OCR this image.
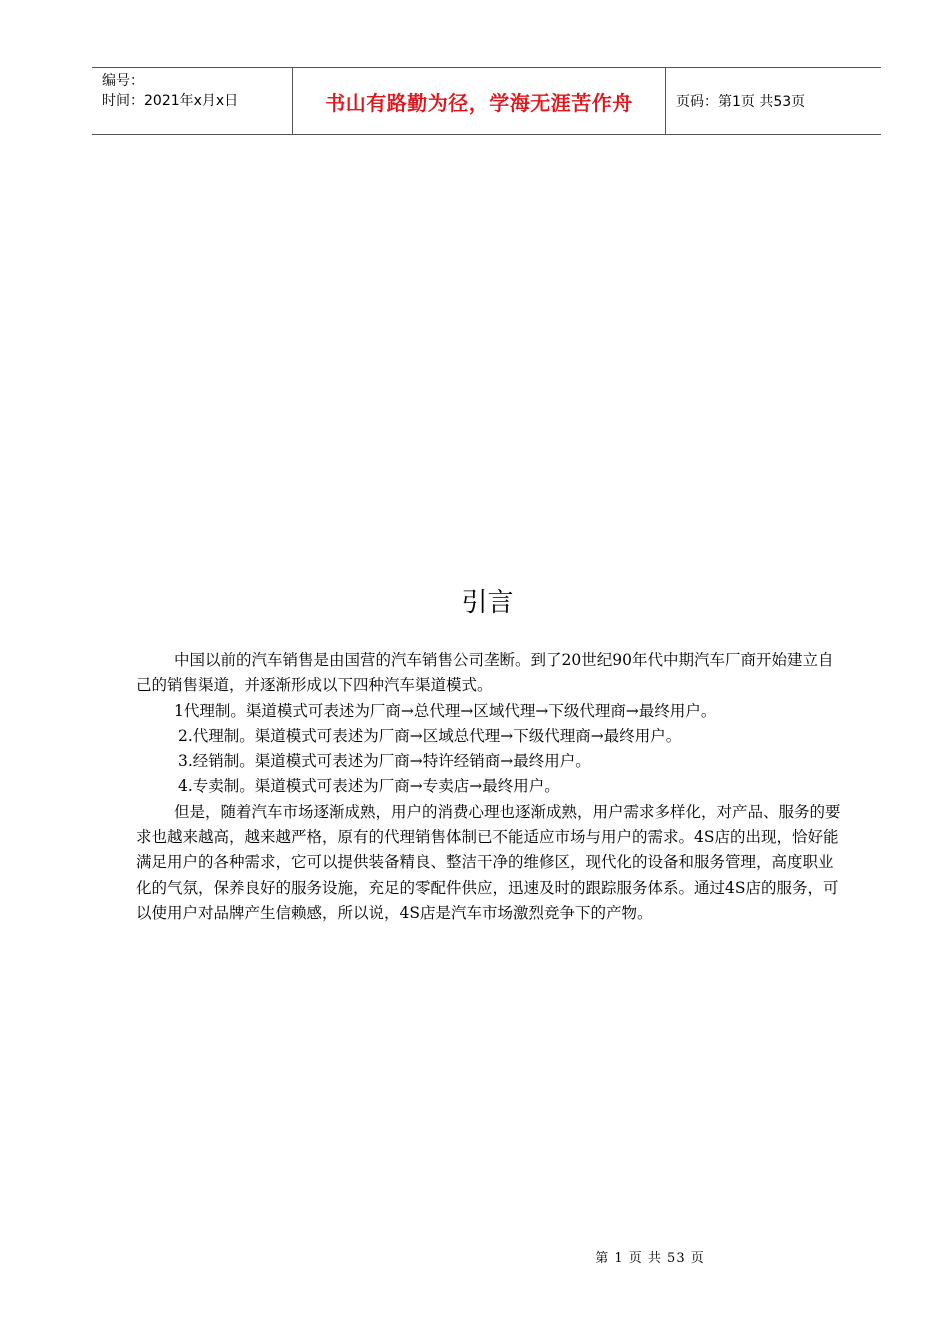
编号：
时间：2021年x月x日	书山有路勤为径，学海无涯苦作舟	页码：第1页 共53页
引言

中国以前的汽车销售是由国营的汽车销售公司垄断。到了20世纪90年代中期汽车厂商开始建立自己的销售渠道，并逐渐形成以下四种汽车渠道模式。

1代理制。渠道模式可表述为厂商→总代理→区域代理→下级代理商→最终用户。

2.代理制。渠道模式可表述为厂商→区域总代理→下级代理商→最终用户。

3.经销制。渠道模式可表述为厂商→特许经销商→最终用户。

4.专卖制。渠道模式可表述为厂商→专卖店→最终用户。

但是，随着汽车市场逐渐成熟，用户的消费心理也逐渐成熟，用户需求多样化，对产品、服务的要求也越来越高，越来越严格，原有的代理销售体制已不能适应市场与用户的需求。4S店的出现，恰好能满足用户的各种需求，它可以提供装备精良、整洁干净的维修区，现代化的设备和服务管理，高度职业化的气氛，保养良好的服务设施，充足的零配件供应，迅速及时的跟踪服务体系。通过4S店的服务，可以使用户对品牌产生信赖感，所以说，4S店是汽车市场激烈竞争下的产物。

第 1 页 共 53 页
